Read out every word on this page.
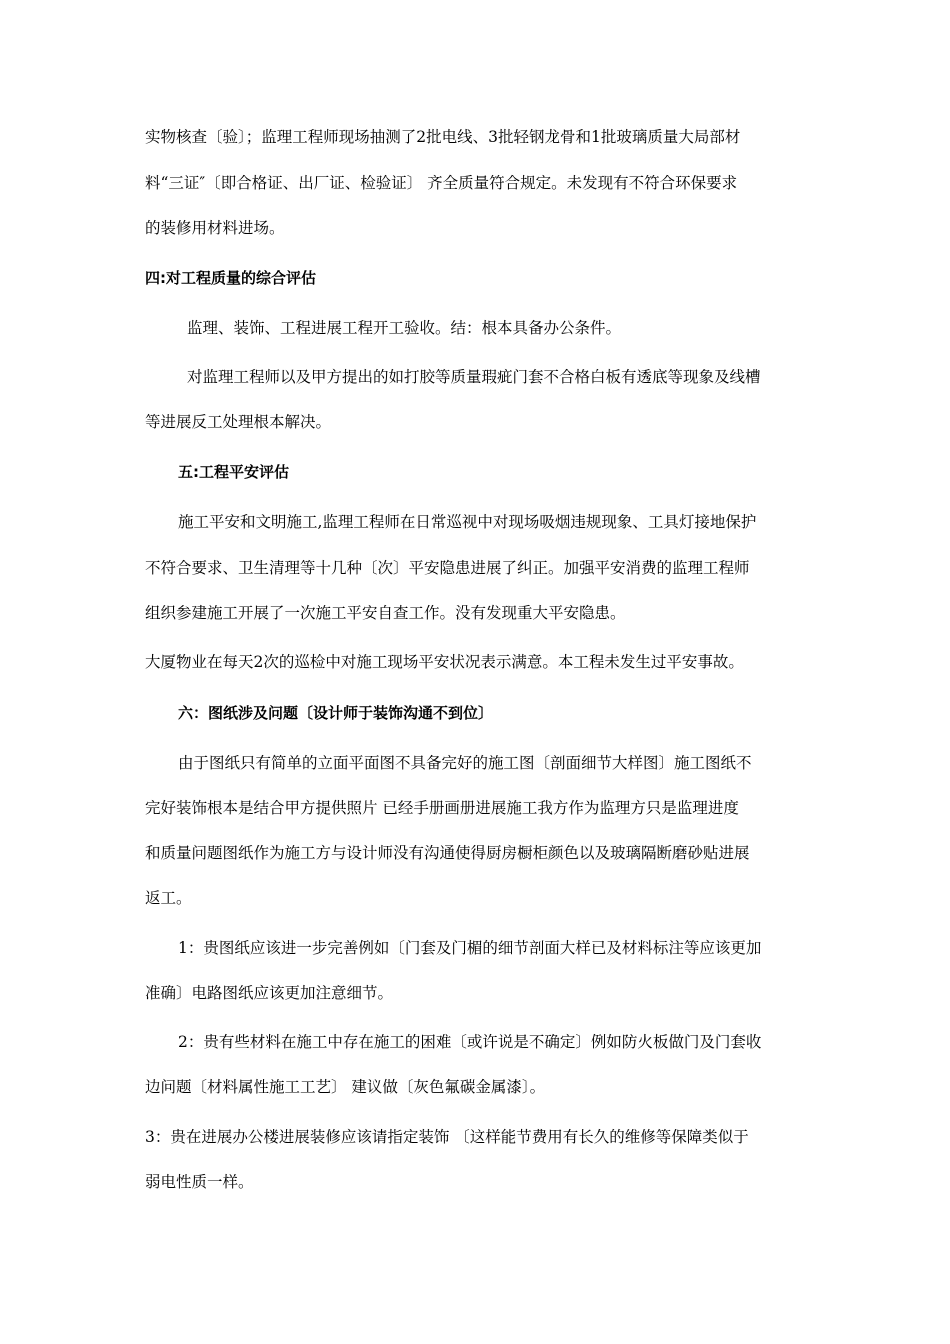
实物核查〔验〕；监理工程师现场抽测了2批电线、3批轻钢龙骨和1批玻璃质量大局部材
料“三证″〔即合格证、出厂证、检验证〕 齐全质量符合规定。未发现有不符合环保要求
的装修用材料进场。
四:对工程质量的综合评估
监理、装饰、工程进展工程开工验收。结：根本具备办公条件。
对监理工程师以及甲方提出的如打胶等质量瑕疵门套不合格白板有透底等现象及线槽
等进展反工处理根本解决。
五:工程平安评估
施工平安和文明施工,监理工程师在日常巡视中对现场吸烟违规现象、工具灯接地保护
不符合要求、卫生清理等十几种〔次〕平安隐患进展了纠正。加强平安消费的监理工程师
组织参建施工开展了一次施工平安自查工作。没有发现重大平安隐患。
大厦物业在每天2次的巡检中对施工现场平安状况表示满意。本工程未发生过平安事故。
六：图纸涉及问题〔设计师于装饰沟通不到位〕
由于图纸只有简单的立面平面图不具备完好的施工图〔剖面细节大样图〕施工图纸不
完好装饰根本是结合甲方提供照片 已经手册画册进展施工我方作为监理方只是监理进度
和质量问题图纸作为施工方与设计师没有沟通使得厨房橱柜颜色以及玻璃隔断磨砂贴进展
返工。
1：贵图纸应该进一步完善例如〔门套及门楣的细节剖面大样已及材料标注等应该更加
准确〕电路图纸应该更加注意细节。
2：贵有些材料在施工中存在施工的困难〔或许说是不确定〕例如防火板做门及门套收
边问题〔材料属性施工工艺〕 建议做〔灰色氟碳金属漆〕。
3：贵在进展办公楼进展装修应该请指定装饰 〔这样能节费用有长久的维修等保障类似于
弱电性质一样。
